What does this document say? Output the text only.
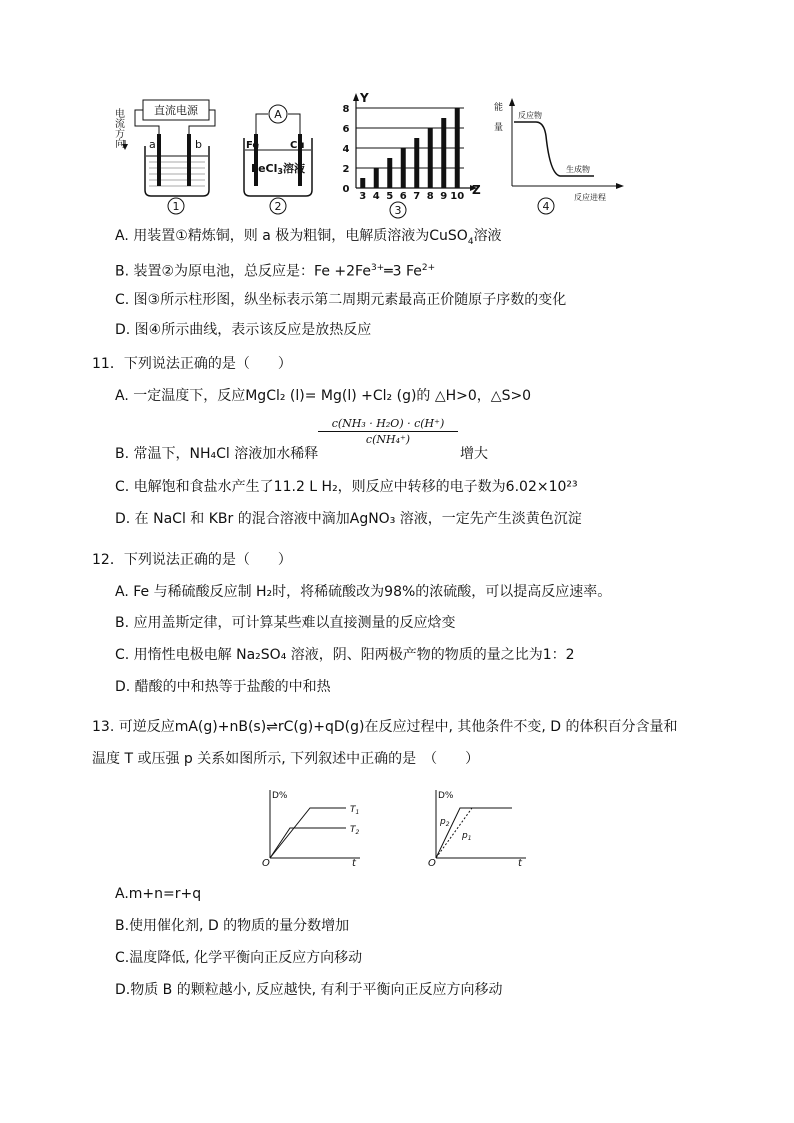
电流方向	直流电源
a	b
1
A
Fe	Cu
FeCl3溶液
2
Y
Z
0
2
4
6
8
3 4 5 6 7 8 9 10
3
能
量
反应物
生成物
反应进程
4
A. 用装置①精炼铜，则 a 极为粗铜，电解质溶液为CuSO$_4$溶液
B. 装置②为原电池，总反应是：$Fe +2Fe^{3+}═3$ $Fe^{2+}$
C. 图③所示柱形图，纵坐标表示第二周期元素最高正价随原子序数的变化
D. 图④所示曲线，表示该反应是放热反应
11．下列说法正确的是（　　）
A. 一定温度下，反应MgCl₂ (l)= Mg(l) +Cl₂ (g)的 △H>0，△S>0
B. 常温下，NH₄Cl 溶液加水稀释
$\frac{\text{c(NH₃ · H₂O) · c(H⁺)}}{\text{c(NH₄⁺)}}$
增大
C. 电解饱和食盐水产生了11.2 L H₂，则反应中转移的电子数为6.02×10²³
D. 在 NaCl 和 KBr 的混合溶液中滴加AgNO₃ 溶液，一定先产生淡黄色沉淀
12．下列说法正确的是（　　）
A. Fe 与稀硫酸反应制 H₂时，将稀硫酸改为98%的浓硫酸，可以提高反应速率。
B. 应用盖斯定律，可计算某些难以直接测量的反应焓变
C. 用惰性电极电解 Na₂SO₄ 溶液，阴、阳两极产物的物质的量之比为1：2
D. 醋酸的中和热等于盐酸的中和热
13. 可逆反应mA(g)+nB(s)⇌rC(g)+qD(g)在反应过程中, 其他条件不变, D 的体积百分含量和
温度 T 或压强 p 关系如图所示, 下列叙述中正确的是　（　　）
D%
O	t
$T_1$
$T_2$
D%
O	t
$p_2$
$p_1$
A.m+n=r+q
B.使用催化剂, D 的物质的量分数增加
C.温度降低, 化学平衡向正反应方向移动
D.物质 B 的颗粒越小, 反应越快, 有利于平衡向正反应方向移动
